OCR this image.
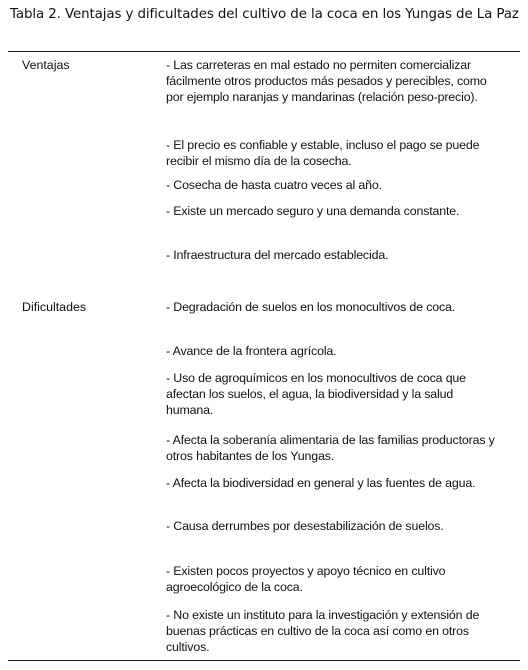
Tabla 2. Ventajas y dificultades del cultivo de la coca en los Yungas de La Paz
Ventajas	- Las carreteras en mal estado no permiten comercializar fácilmente otros productos más pesados y perecibles, como por ejemplo naranjas y mandarinas (relación peso-precio).
- El precio es confiable y estable, incluso el pago se puede recibir el mismo día de la cosecha.
- Cosecha de hasta cuatro veces al año.
- Existe un mercado seguro y una demanda constante.
- Infraestructura del mercado establecida.
Dificultades	- Degradación de suelos en los monocultivos de coca.
- Avance de la frontera agrícola.
- Uso de agroquímicos en los monocultivos de coca que afectan los suelos, el agua, la biodiversidad y la salud humana.
- Afecta la soberanía alimentaria de las familias productoras y otros habitantes de los Yungas.
- Afecta la biodiversidad en general y las fuentes de agua.
- Causa derrumbes por desestabilización de suelos.
- Existen pocos proyectos y apoyo técnico en cultivo agroecológico de la coca.
- No existe un instituto para la investigación y extensión de buenas prácticas en cultivo de la coca así como en otros cultivos.
